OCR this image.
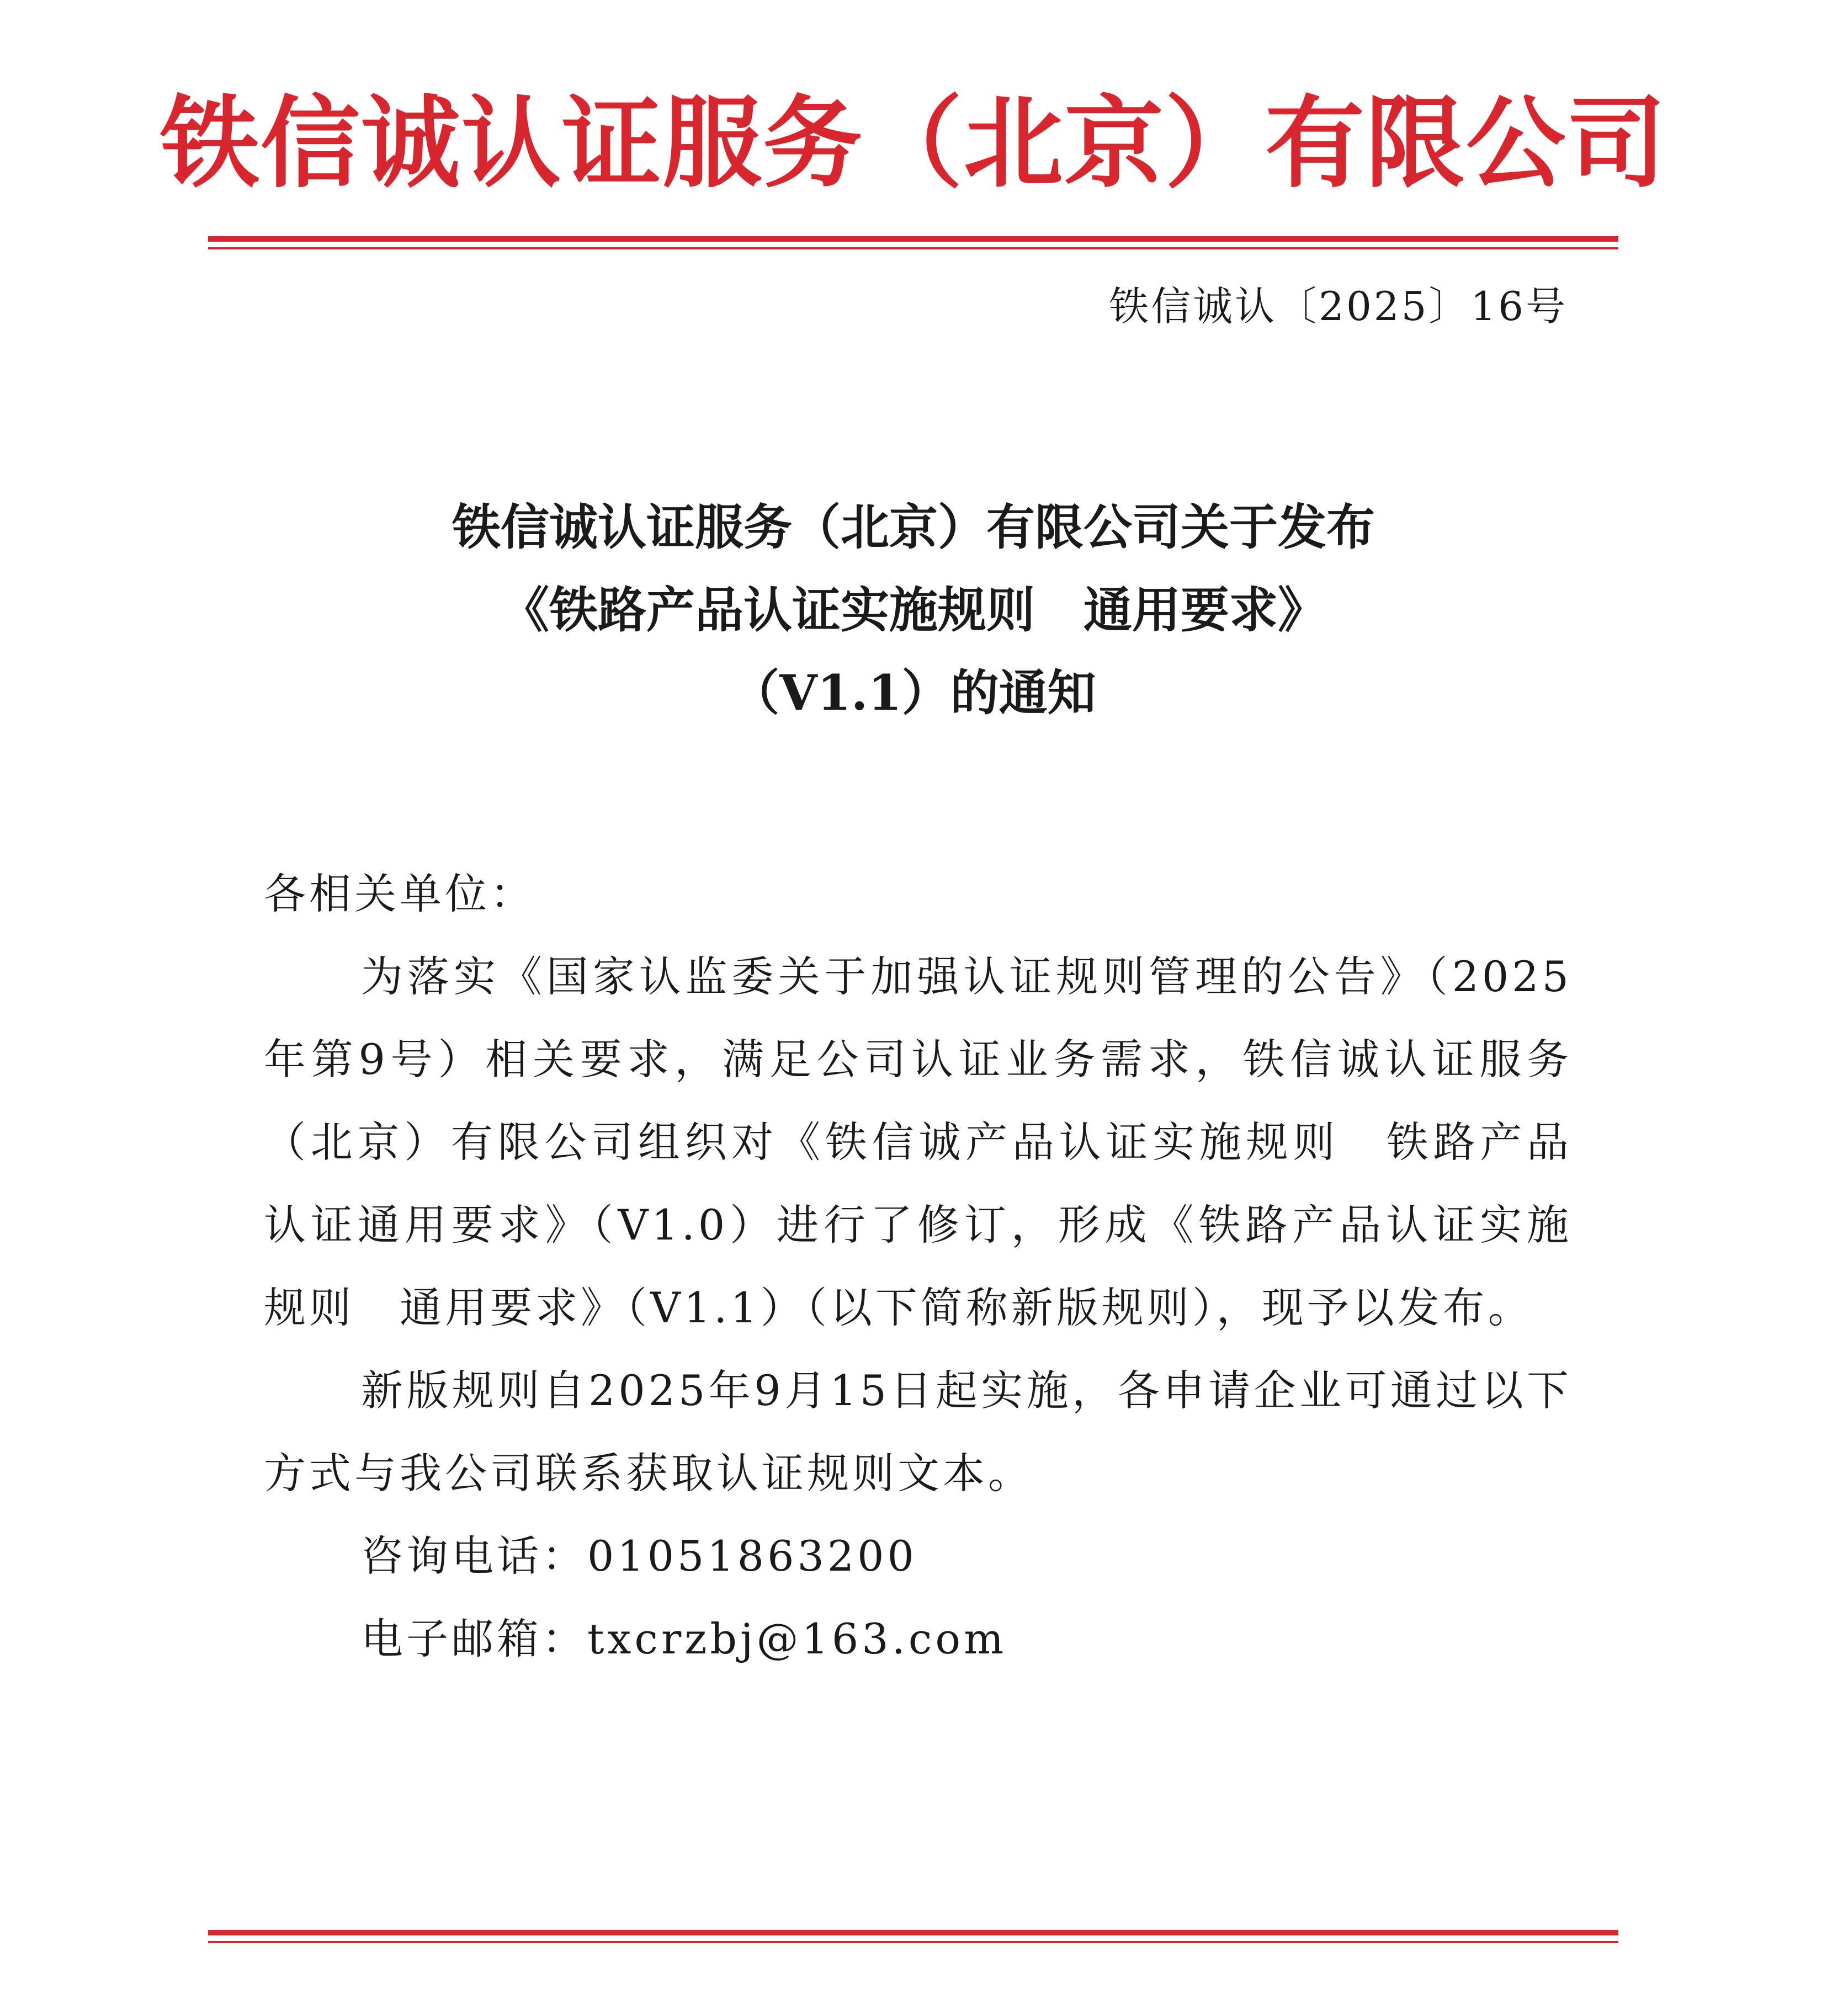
铁信诚认证服务（北京）有限公司
铁信诚认〔2025〕16号
铁信诚认证服务（北京）有限公司关于发布
《铁路产品认证实施规则　通用要求》
（V1.1）的通知
各相关单位：

为落实《国家认监委关于加强认证规则管理的公告》（2025年第9号）相关要求，满足公司认证业务需求，铁信诚认证服务（北京）有限公司组织对《铁信诚产品认证实施规则　铁路产品认证通用要求》（V1.0）进行了修订，形成《铁路产品认证实施规则　通用要求》（V1.1）（以下简称新版规则），现予以发布。

新版规则自2025年9月15日起实施，各申请企业可通过以下方式与我公司联系获取认证规则文本。

咨询电话：01051863200
电子邮箱：txcrzbj@163.com
